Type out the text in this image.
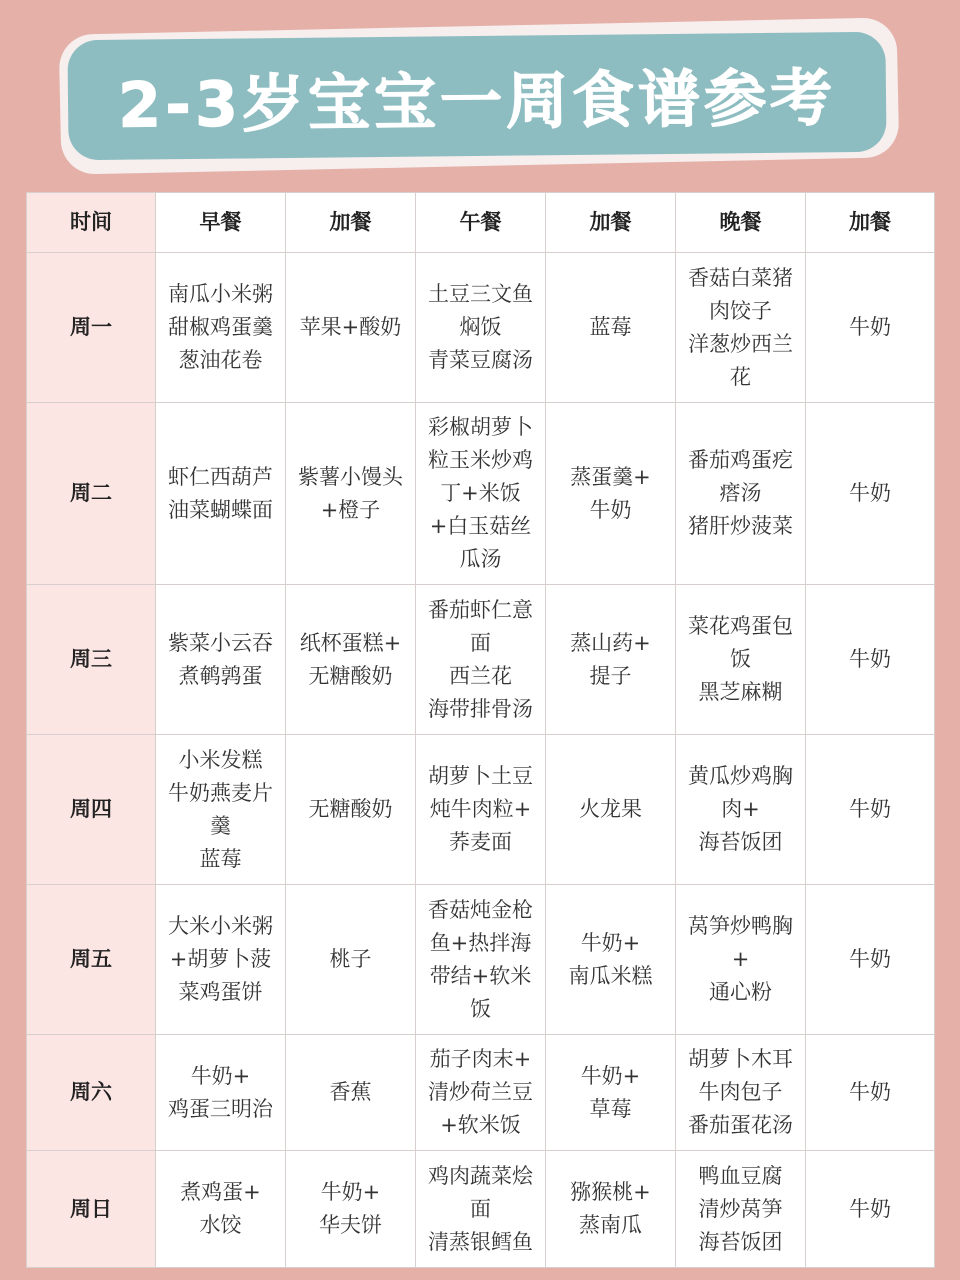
2-3岁宝宝一周食谱参考
时间	早餐	加餐	午餐	加餐	晚餐	加餐
周一	南瓜小米粥
甜椒鸡蛋羹
葱油花卷	苹果+酸奶	土豆三文鱼
焖饭
青菜豆腐汤	蓝莓	香菇白菜猪
肉饺子
洋葱炒西兰
花	牛奶

周二	虾仁西葫芦
油菜蝴蝶面	紫薯小馒头
+橙子	彩椒胡萝卜
粒玉米炒鸡
丁+米饭
+白玉菇丝
瓜汤	蒸蛋羹+
牛奶	番茄鸡蛋疙
瘩汤
猪肝炒菠菜	牛奶

周三	紫菜小云吞
煮鹌鹑蛋	纸杯蛋糕+
无糖酸奶	番茄虾仁意
面
西兰花
海带排骨汤	蒸山药+
提子	菜花鸡蛋包
饭
黑芝麻糊	牛奶

周四	小米发糕
牛奶燕麦片
羹
蓝莓	无糖酸奶	胡萝卜土豆
炖牛肉粒+
荞麦面	火龙果	黄瓜炒鸡胸
肉+
海苔饭团	牛奶

周五	大米小米粥
+胡萝卜菠
菜鸡蛋饼	桃子	香菇炖金枪
鱼+热拌海
带结+软米
饭	牛奶+
南瓜米糕	莴笋炒鸭胸
+
通心粉	牛奶

周六	牛奶+
鸡蛋三明治	香蕉	茄子肉末+
清炒荷兰豆
+软米饭	牛奶+
草莓	胡萝卜木耳
牛肉包子
番茄蛋花汤	牛奶

周日	煮鸡蛋+
水饺	牛奶+
华夫饼	鸡肉蔬菜烩
面
清蒸银鳕鱼	猕猴桃+
蒸南瓜	鸭血豆腐
清炒莴笋
海苔饭团	牛奶
